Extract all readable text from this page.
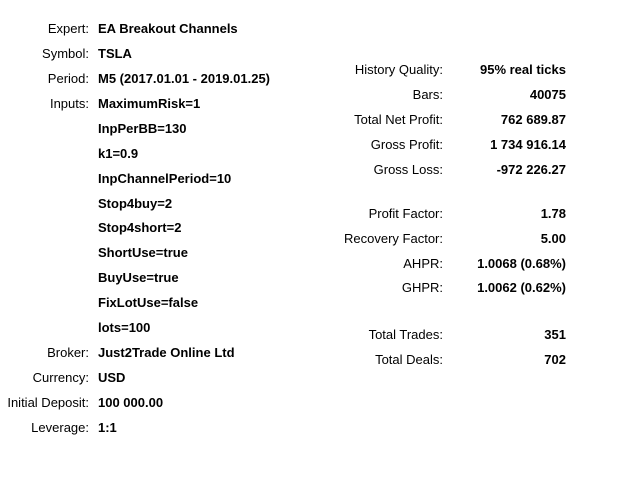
Expert: EA Breakout Channels
Symbol: TSLA
Period: M5 (2017.01.01 - 2019.01.25)
Inputs: MaximumRisk=1
InpPerBB=130
k1=0.9
InpChannelPeriod=10
Stop4buy=2
Stop4short=2
ShortUse=true
BuyUse=true
FixLotUse=false
lots=100
Broker: Just2Trade Online Ltd
Currency: USD
Initial Deposit: 100 000.00
Leverage: 1:1
History Quality:	95% real ticks
Bars:	40075
Total Net Profit:	762 689.87
Gross Profit:	1 734 916.14
Gross Loss:	-972 226.27
Profit Factor:	1.78
Recovery Factor:	5.00
AHPR:	1.0068 (0.68%)
GHPR:	1.0062 (0.62%)
Total Trades:	351
Total Deals:	702
